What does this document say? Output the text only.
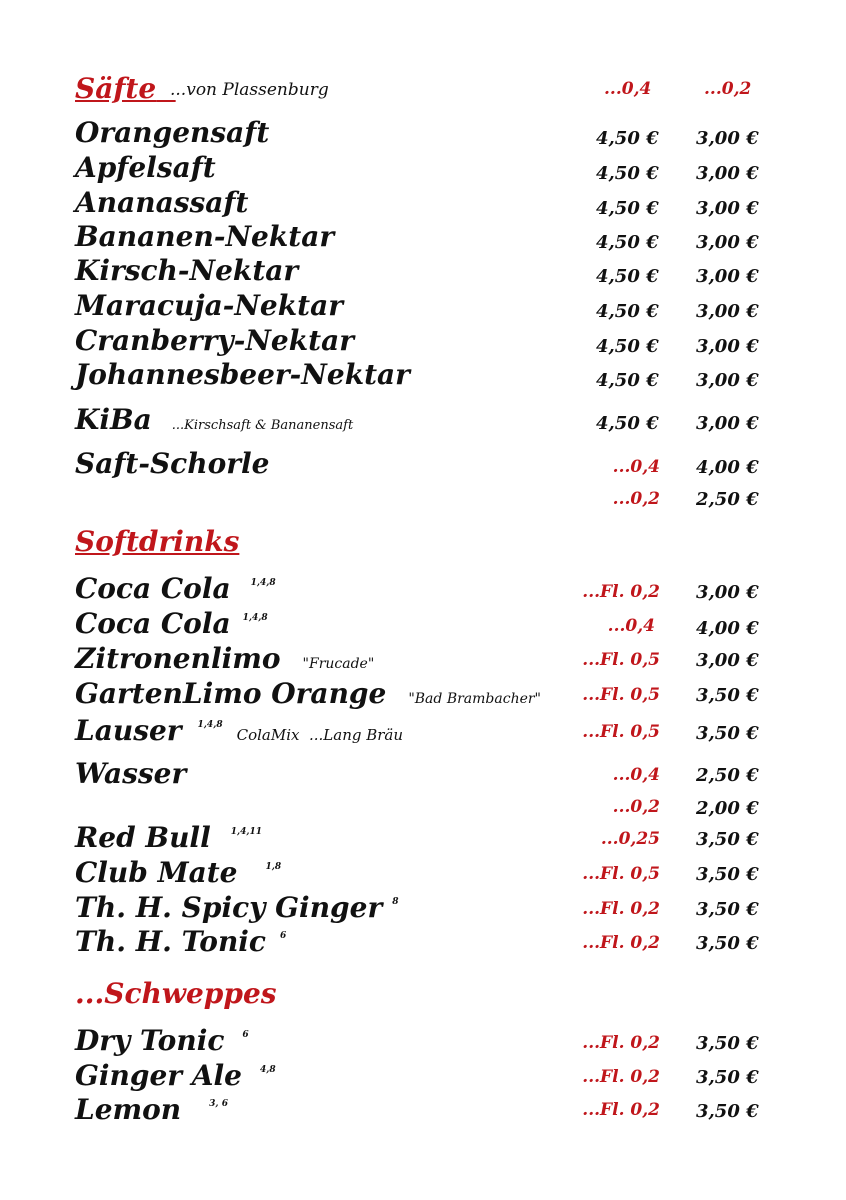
Säfte ...von Plassenburg	...0,4	...0,2
Orangensaft	4,50 € 3,00 €
Apfelsaft	4,50 € 3,00 €
Ananassaft	4,50 € 3,00 €
Bananen-Nektar	4,50 € 3,00 €
Kirsch-Nektar	4,50 € 3,00 €
Maracuja-Nektar	4,50 € 3,00 €
Cranberry-Nektar	4,50 € 3,00 €
Johannesbeer-Nektar	4,50 € 3,00 €
KiBa ...Kirschsaft & Bananensaft	4,50 € 3,00 €
Saft-Schorle	...0,4 4,00 €
...0,2 2,50 €
Softdrinks
Coca Cola $^{1,4,8}$	...Fl. 0,2 3,00 €
Coca Cola $^{1,4,8}$	...0,4 4,00 €
Zitronenlimo "Frucade"	...Fl. 0,5 3,00 €
GartenLimo Orange "Bad Brambacher" ...Fl. 0,5 3,50 €
Lauser $^{1,4,8}$ColaMix  ...Lang Bräu	...Fl. 0,5 3,50 €
Wasser	...0,4 2,50 €
...0,2 2,00 €
Red Bull $^{1,4,11}$	...0,25 3,50 €
Club Mate	$^{1,8}$	...Fl. 0,5 3,50 €
Th. H. Spicy Ginger $^8$	...Fl. 0,2 3,50 €
Th. H. Tonic $^6$	...Fl. 0,2 3,50 €
...Schweppes
Dry Tonic $^6$	...Fl. 0,2 3,50 €
Ginger Ale $^{4,8}$	...Fl. 0,2 3,50 €
Lemon	$^{3, 6}$	...Fl. 0,2 3,50 €
